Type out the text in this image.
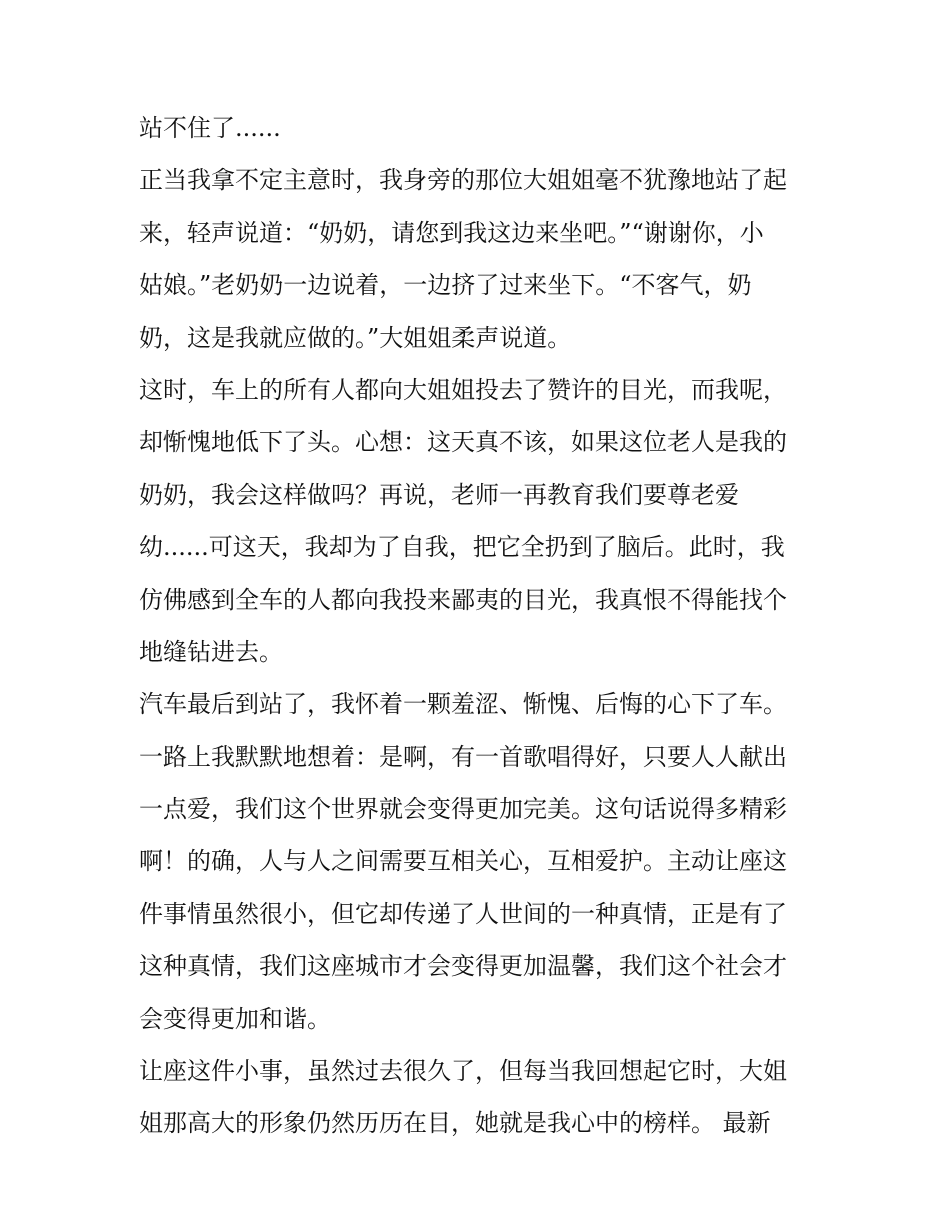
站不住了......
正当我拿不定主意时，我身旁的那位大姐姐毫不犹豫地站了起
来，轻声说道：“奶奶，请您到我这边来坐吧。”“谢谢你，小
姑娘。”老奶奶一边说着，一边挤了过来坐下。“不客气，奶
奶，这是我就应做的。”大姐姐柔声说道。
这时，车上的所有人都向大姐姐投去了赞许的目光，而我呢，
却惭愧地低下了头。心想：这天真不该，如果这位老人是我的
奶奶，我会这样做吗？再说，老师一再教育我们要尊老爱
幼......可这天，我却为了自我，把它全扔到了脑后。此时，我
仿佛感到全车的人都向我投来鄙夷的目光，我真恨不得能找个
地缝钻进去。
汽车最后到站了，我怀着一颗羞涩、惭愧、后悔的心下了车。
一路上我默默地想着：是啊，有一首歌唱得好，只要人人献出
一点爱，我们这个世界就会变得更加完美。这句话说得多精彩
啊！的确，人与人之间需要互相关心，互相爱护。主动让座这
件事情虽然很小，但它却传递了人世间的一种真情，正是有了
这种真情，我们这座城市才会变得更加温馨，我们这个社会才
会变得更加和谐。
让座这件小事，虽然过去很久了，但每当我回想起它时，大姐
姐那高大的形象仍然历历在目，她就是我心中的榜样。 最新
